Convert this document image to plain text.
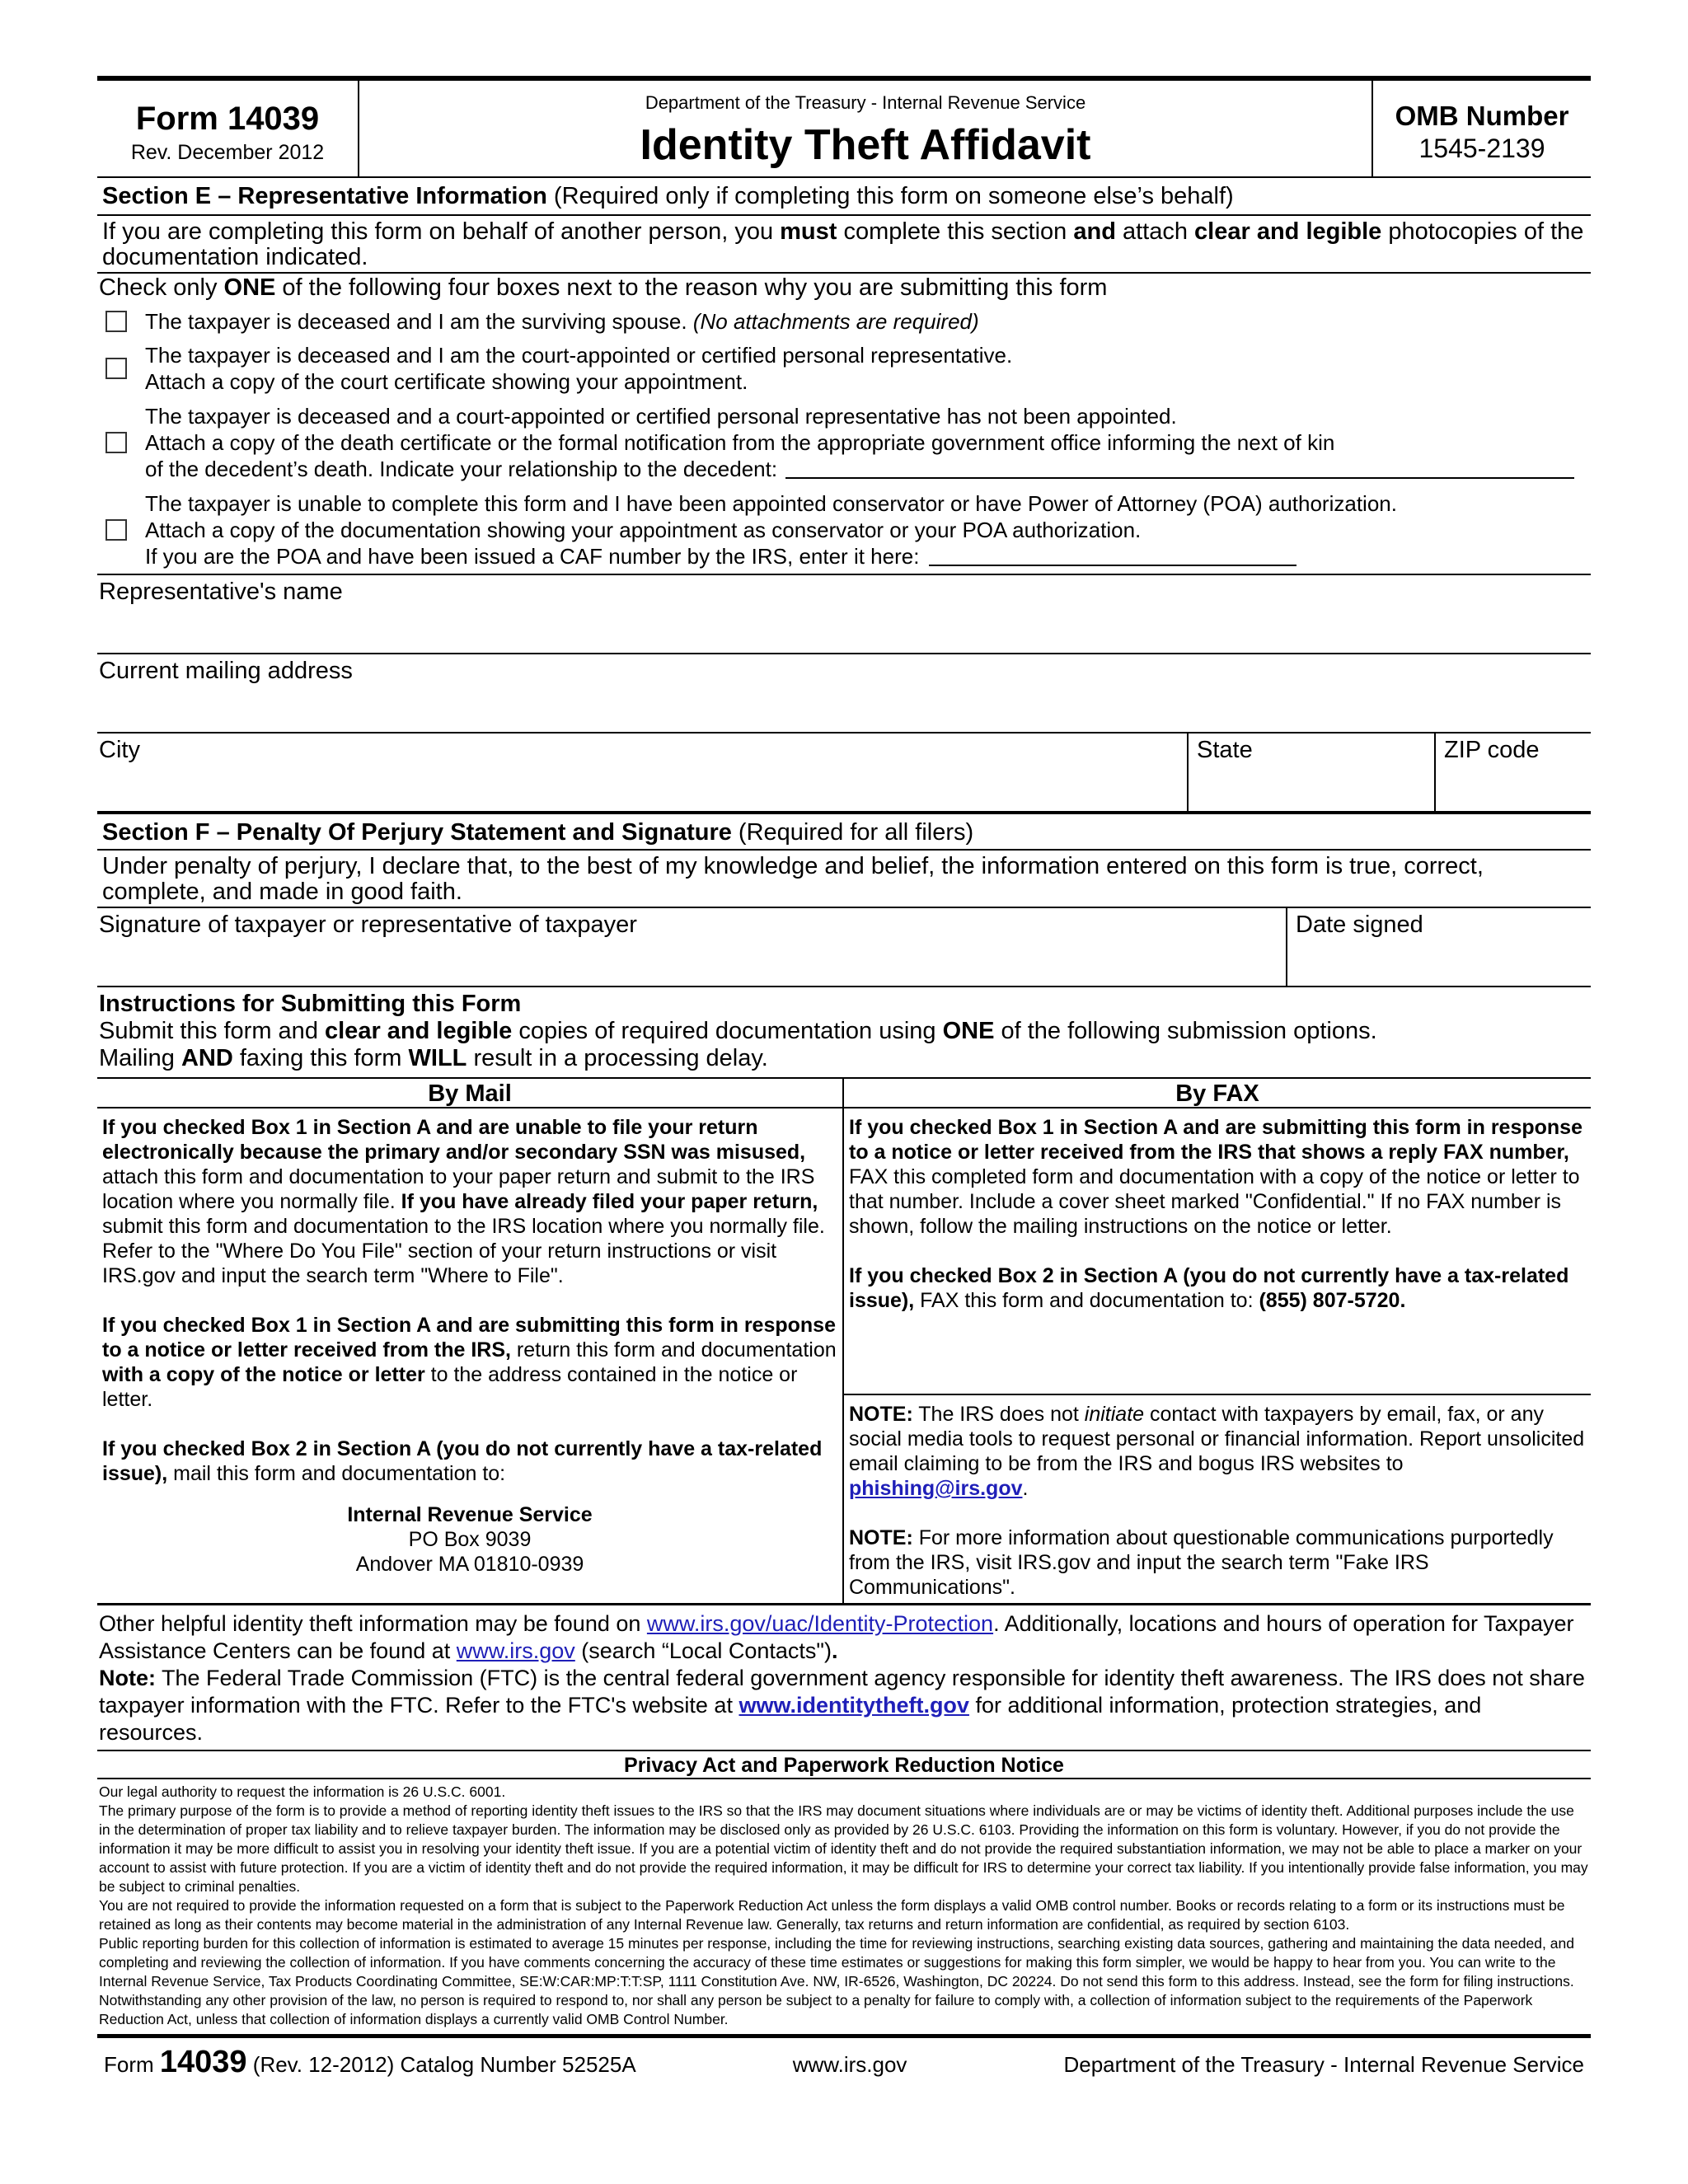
Form 14039
Rev. December 2012
Department of the Treasury - Internal Revenue Service
Identity Theft Affidavit
OMB Number
1545-2139
Section E – Representative Information (Required only if completing this form on someone else’s behalf)
If you are completing this form on behalf of another person, you must complete this section and attach clear and legible photocopies of the documentation indicated.
Check only ONE of the following four boxes next to the reason why you are submitting this form
The taxpayer is deceased and I am the surviving spouse. (No attachments are required)
The taxpayer is deceased and I am the court-appointed or certified personal representative.
Attach a copy of the court certificate showing your appointment.
The taxpayer is deceased and a court-appointed or certified personal representative has not been appointed.
Attach a copy of the death certificate or the formal notification from the appropriate government office informing the next of kin
of the decedent’s death. Indicate your relationship to the decedent:
The taxpayer is unable to complete this form and I have been appointed conservator or have Power of Attorney (POA) authorization.
Attach a copy of the documentation showing your appointment as conservator or your POA authorization.
If you are the POA and have been issued a CAF number by the IRS, enter it here:
Representative's name
Current mailing address
City	State	ZIP code
Section F – Penalty Of Perjury Statement and Signature (Required for all filers)
Under penalty of perjury, I declare that, to the best of my knowledge and belief, the information entered on this form is true, correct, complete, and made in good faith.
Signature of taxpayer or representative of taxpayer	Date signed
Instructions for Submitting this Form
Submit this form and clear and legible copies of required documentation using ONE of the following submission options.
Mailing AND faxing this form WILL result in a processing delay.
By Mail

If you checked Box 1 in Section A and are unable to file your return electronically because the primary and/or secondary SSN was misused, attach this form and documentation to your paper return and submit to the IRS location where you normally file. If you have already filed your paper return, submit this form and documentation to the IRS location where you normally file. Refer to the "Where Do You File" section of your return instructions or visit IRS.gov and input the search term "Where to File".

If you checked Box 1 in Section A and are submitting this form in response to a notice or letter received from the IRS, return this form and documentation with a copy of the notice or letter to the address contained in the notice or letter.

If you checked Box 2 in Section A (you do not currently have a tax-related issue), mail this form and documentation to:

Internal Revenue Service
PO Box 9039
Andover MA 01810-0939
By FAX

If you checked Box 1 in Section A and are submitting this form in response to a notice or letter received from the IRS that shows a reply FAX number, FAX this completed form and documentation with a copy of the notice or letter to that number. Include a cover sheet marked "Confidential." If no FAX number is shown, follow the mailing instructions on the notice or letter.

If you checked Box 2 in Section A (you do not currently have a tax-related issue), FAX this form and documentation to: (855) 807-5720.

NOTE: The IRS does not initiate contact with taxpayers by email, fax, or any social media tools to request personal or financial information. Report unsolicited email claiming to be from the IRS and bogus IRS websites to phishing@irs.gov.

NOTE: For more information about questionable communications purportedly from the IRS, visit IRS.gov and input the search term "Fake IRS Communications".

Other helpful identity theft information may be found on www.irs.gov/uac/Identity-Protection. Additionally, locations and hours of operation for Taxpayer Assistance Centers can be found at www.irs.gov (search “Local Contacts").

Note: The Federal Trade Commission (FTC) is the central federal government agency responsible for identity theft awareness. The IRS does not share taxpayer information with the FTC. Refer to the FTC's website at www.identitytheft.gov for additional information, protection strategies, and resources.

Privacy Act and Paperwork Reduction Notice

Our legal authority to request the information is 26 U.S.C. 6001.

The primary purpose of the form is to provide a method of reporting identity theft issues to the IRS so that the IRS may document situations where individuals are or may be victims of identity theft. Additional purposes include the use in the determination of proper tax liability and to relieve taxpayer burden. The information may be disclosed only as provided by 26 U.S.C. 6103. Providing the information on this form is voluntary. However, if you do not provide the information it may be more difficult to assist you in resolving your identity theft issue. If you are a potential victim of identity theft and do not provide the required substantiation information, we may not be able to place a marker on your account to assist with future protection. If you are a victim of identity theft and do not provide the required information, it may be difficult for IRS to determine your correct tax liability. If you intentionally provide false information, you may be subject to criminal penalties.

You are not required to provide the information requested on a form that is subject to the Paperwork Reduction Act unless the form displays a valid OMB control number. Books or records relating to a form or its instructions must be retained as long as their contents may become material in the administration of any Internal Revenue law. Generally, tax returns and return information are confidential, as required by section 6103.

Public reporting burden for this collection of information is estimated to average 15 minutes per response, including the time for reviewing instructions, searching existing data sources, gathering and maintaining the data needed, and completing and reviewing the collection of information. If you have comments concerning the accuracy of these time estimates or suggestions for making this form simpler, we would be happy to hear from you. You can write to the Internal Revenue Service, Tax Products Coordinating Committee, SE:W:CAR:MP:T:T:SP, 1111 Constitution Ave. NW, IR-6526, Washington, DC 20224. Do not send this form to this address. Instead, see the form for filing instructions. Notwithstanding any other provision of the law, no person is required to respond to, nor shall any person be subject to a penalty for failure to comply with, a collection of information subject to the requirements of the Paperwork Reduction Act, unless that collection of information displays a currently valid OMB Control Number.

Form 14039 (Rev. 12-2012) Catalog Number 52525A	www.irs.gov	Department of the Treasury - Internal Revenue Service
